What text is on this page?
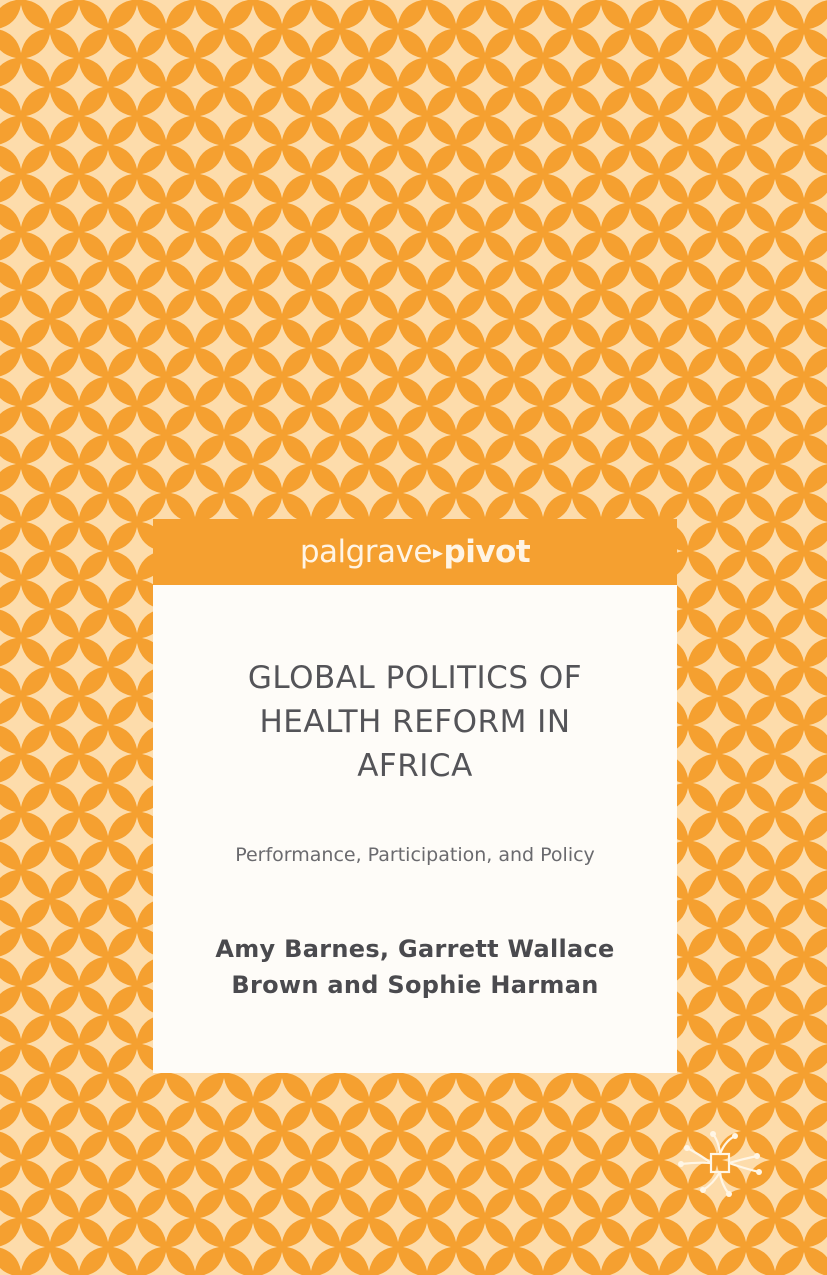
palgrave▸pivot
GLOBAL POLITICS OF
HEALTH REFORM IN
AFRICA
Performance, Participation, and Policy
Amy Barnes, Garrett Wallace
Brown and Sophie Harman
